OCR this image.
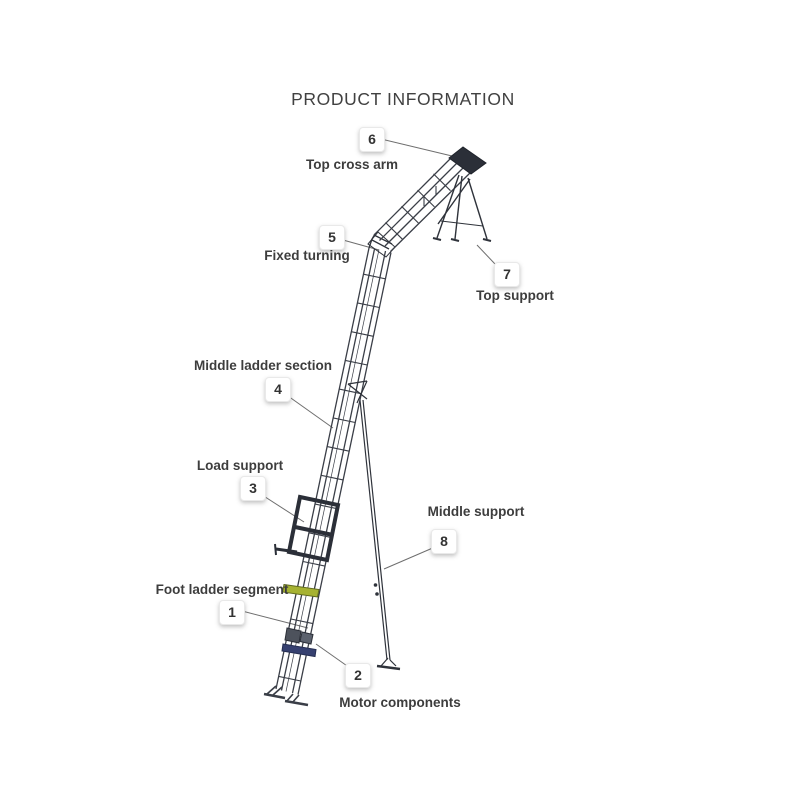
PRODUCT INFORMATION
1
2
3
4
5
6
7
8
Foot ladder segment
Motor components
Load support
Middle ladder section
Fixed turning
Top cross arm
Top support
Middle support
